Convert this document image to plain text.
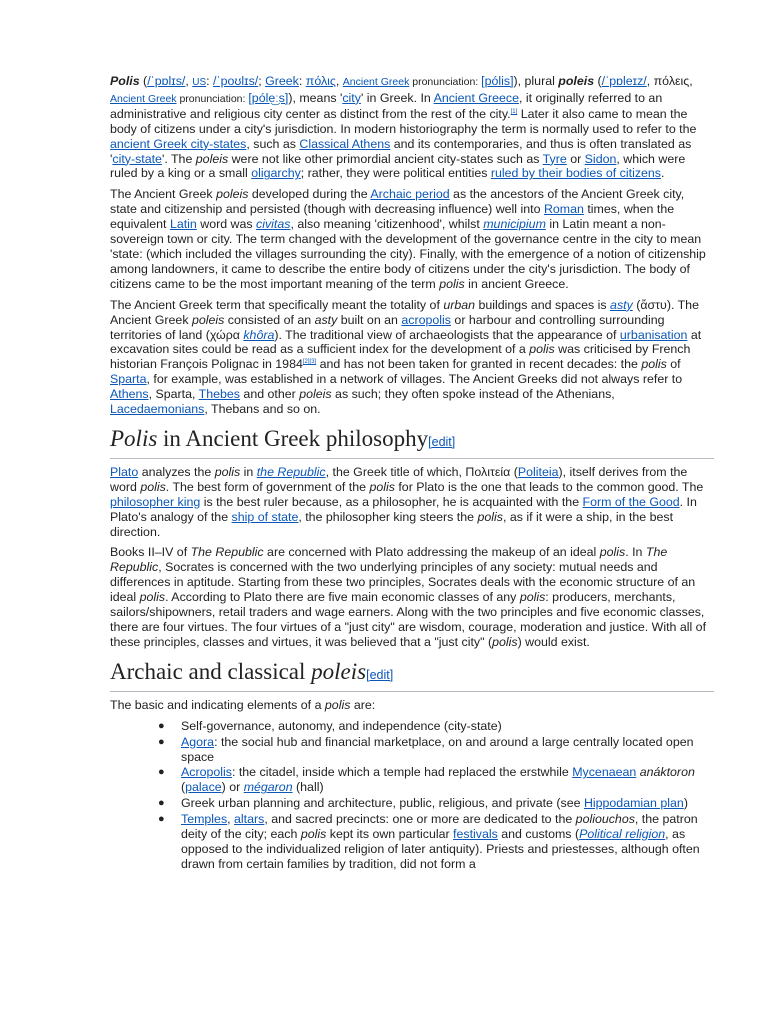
Polis (/ˈpɒlɪs/, US: /ˈpoʊlɪs/; Greek: πόλις, Ancient Greek pronunciation: [pólis]), plural poleis (/ˈpɒleɪz/, πόλεις, Ancient Greek pronunciation: [póle͜ːs]), means 'city' in Greek. In Ancient Greece, it originally referred to an administrative and religious city center as distinct from the rest of the city.[1] Later it also came to mean the body of citizens under a city's jurisdiction. In modern historiography the term is normally used to refer to the ancient Greek city-states, such as Classical Athens and its contemporaries, and thus is often translated as 'city-state'. The poleis were not like other primordial ancient city-states such as Tyre or Sidon, which were ruled by a king or a small oligarchy; rather, they were political entities ruled by their bodies of citizens.

The Ancient Greek poleis developed during the Archaic period as the ancestors of the Ancient Greek city, state and citizenship and persisted (though with decreasing influence) well into Roman times, when the equivalent Latin word was civitas, also meaning 'citizenhood', whilst municipium in Latin meant a non-sovereign town or city. The term changed with the development of the governance centre in the city to mean 'state: (which included the villages surrounding the city). Finally, with the emergence of a notion of citizenship among landowners, it came to describe the entire body of citizens under the city's jurisdiction. The body of citizens came to be the most important meaning of the term polis in ancient Greece.

The Ancient Greek term that specifically meant the totality of urban buildings and spaces is asty (ἄστυ). The Ancient Greek poleis consisted of an asty built on an acropolis or harbour and controlling surrounding territories of land (χώρα khôra). The traditional view of archaeologists that the appearance of urbanisation at excavation sites could be read as a sufficient index for the development of a polis was criticised by French historian François Polignac in 1984[2][3] and has not been taken for granted in recent decades: the polis of Sparta, for example, was established in a network of villages. The Ancient Greeks did not always refer to Athens, Sparta, Thebes and other poleis as such; they often spoke instead of the Athenians, Lacedaemonians, Thebans and so on.

Polis in Ancient Greek philosophy[edit]

Plato analyzes the polis in the Republic, the Greek title of which, Πολιτεία (Politeia), itself derives from the word polis. The best form of government of the polis for Plato is the one that leads to the common good. The philosopher king is the best ruler because, as a philosopher, he is acquainted with the Form of the Good. In Plato's analogy of the ship of state, the philosopher king steers the polis, as if it were a ship, in the best direction.

Books II–IV of The Republic are concerned with Plato addressing the makeup of an ideal polis. In The Republic, Socrates is concerned with the two underlying principles of any society: mutual needs and differences in aptitude. Starting from these two principles, Socrates deals with the economic structure of an ideal polis. According to Plato there are five main economic classes of any polis: producers, merchants, sailors/shipowners, retail traders and wage earners. Along with the two principles and five economic classes, there are four virtues. The four virtues of a "just city" are wisdom, courage, moderation and justice. With all of these principles, classes and virtues, it was believed that a "just city" (polis) would exist.

Archaic and classical poleis[edit]

The basic and indicating elements of a polis are:

● Self-governance, autonomy, and independence (city-state)
● Agora: the social hub and financial marketplace, on and around a large centrally located open space
● Acropolis: the citadel, inside which a temple had replaced the erstwhile Mycenaean anáktoron (palace) or mégaron (hall)
● Greek urban planning and architecture, public, religious, and private (see Hippodamian plan)
● Temples, altars, and sacred precincts: one or more are dedicated to the poliouchos, the patron deity of the city; each polis kept its own particular festivals and customs (Political religion, as opposed to the individualized religion of later antiquity). Priests and priestesses, although often drawn from certain families by tradition, did not form a
